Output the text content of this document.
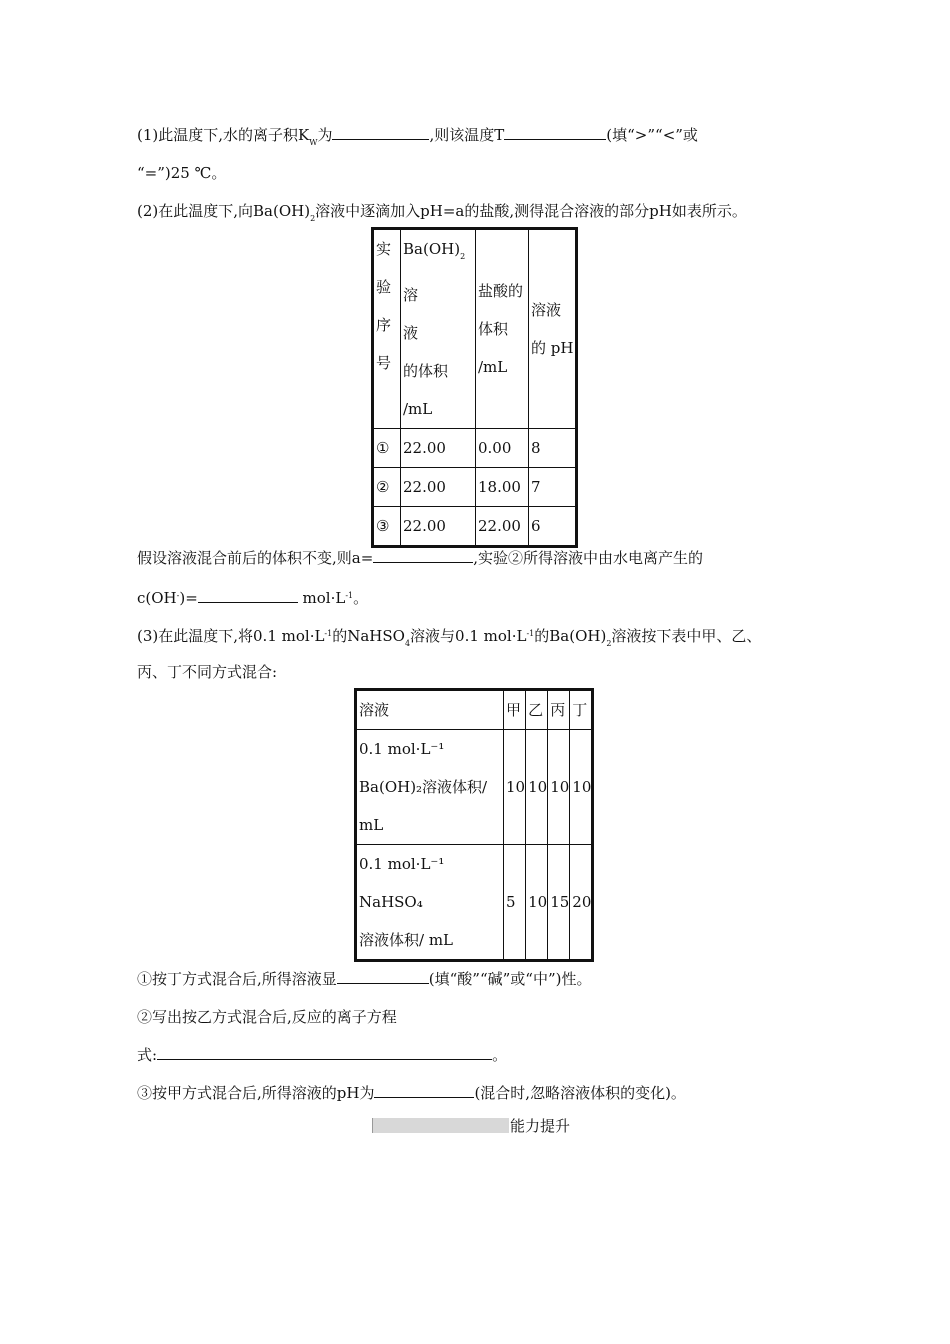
(1)此温度下,水的离子积$K_W$为	,则该温度T	(填“>”“<”或
“=”)25 ℃。
(2)在此温度下,向$Ba(OH)_2$溶液中逐滴加入pH=a的盐酸,测得混合溶液的部分pH如表所示。
实
验
序
号	$Ba(OH)_2$溶
液
的体积
/mL	盐酸的
体积
/mL	溶液
的 pH
①	22.00	0.00	8
②	22.00	18.00	7
③	22.00	22.00	6
假设溶液混合前后的体积不变,则a=	,实验②所得溶液中由水电离产生的
c(OH-)=	$mol\cdot L^{-1}$。
(3)在此温度下,将0.1 $mol\cdot L^{-1}$的NaHSO$_4$溶液与0.1 $mol\cdot L^{-1}$的$Ba(OH)_2$溶液按下表中甲、乙、
丙、丁不同方式混合:
溶液	甲	乙	丙	丁

0.1 mol·L⁻¹
Ba(OH)₂溶液体积/
mL	10	10	10	10

0.1 mol·L⁻¹ NaHSO₄
溶液体积/ mL	5	10	15	20
①按丁方式混合后,所得溶液显	(填“酸”“碱”或“中”)性。
②写出按乙方式混合后,反应的离子方程
式:	。
③按甲方式混合后,所得溶液的pH为	(混合时,忽略溶液体积的变化)。
能力提升
